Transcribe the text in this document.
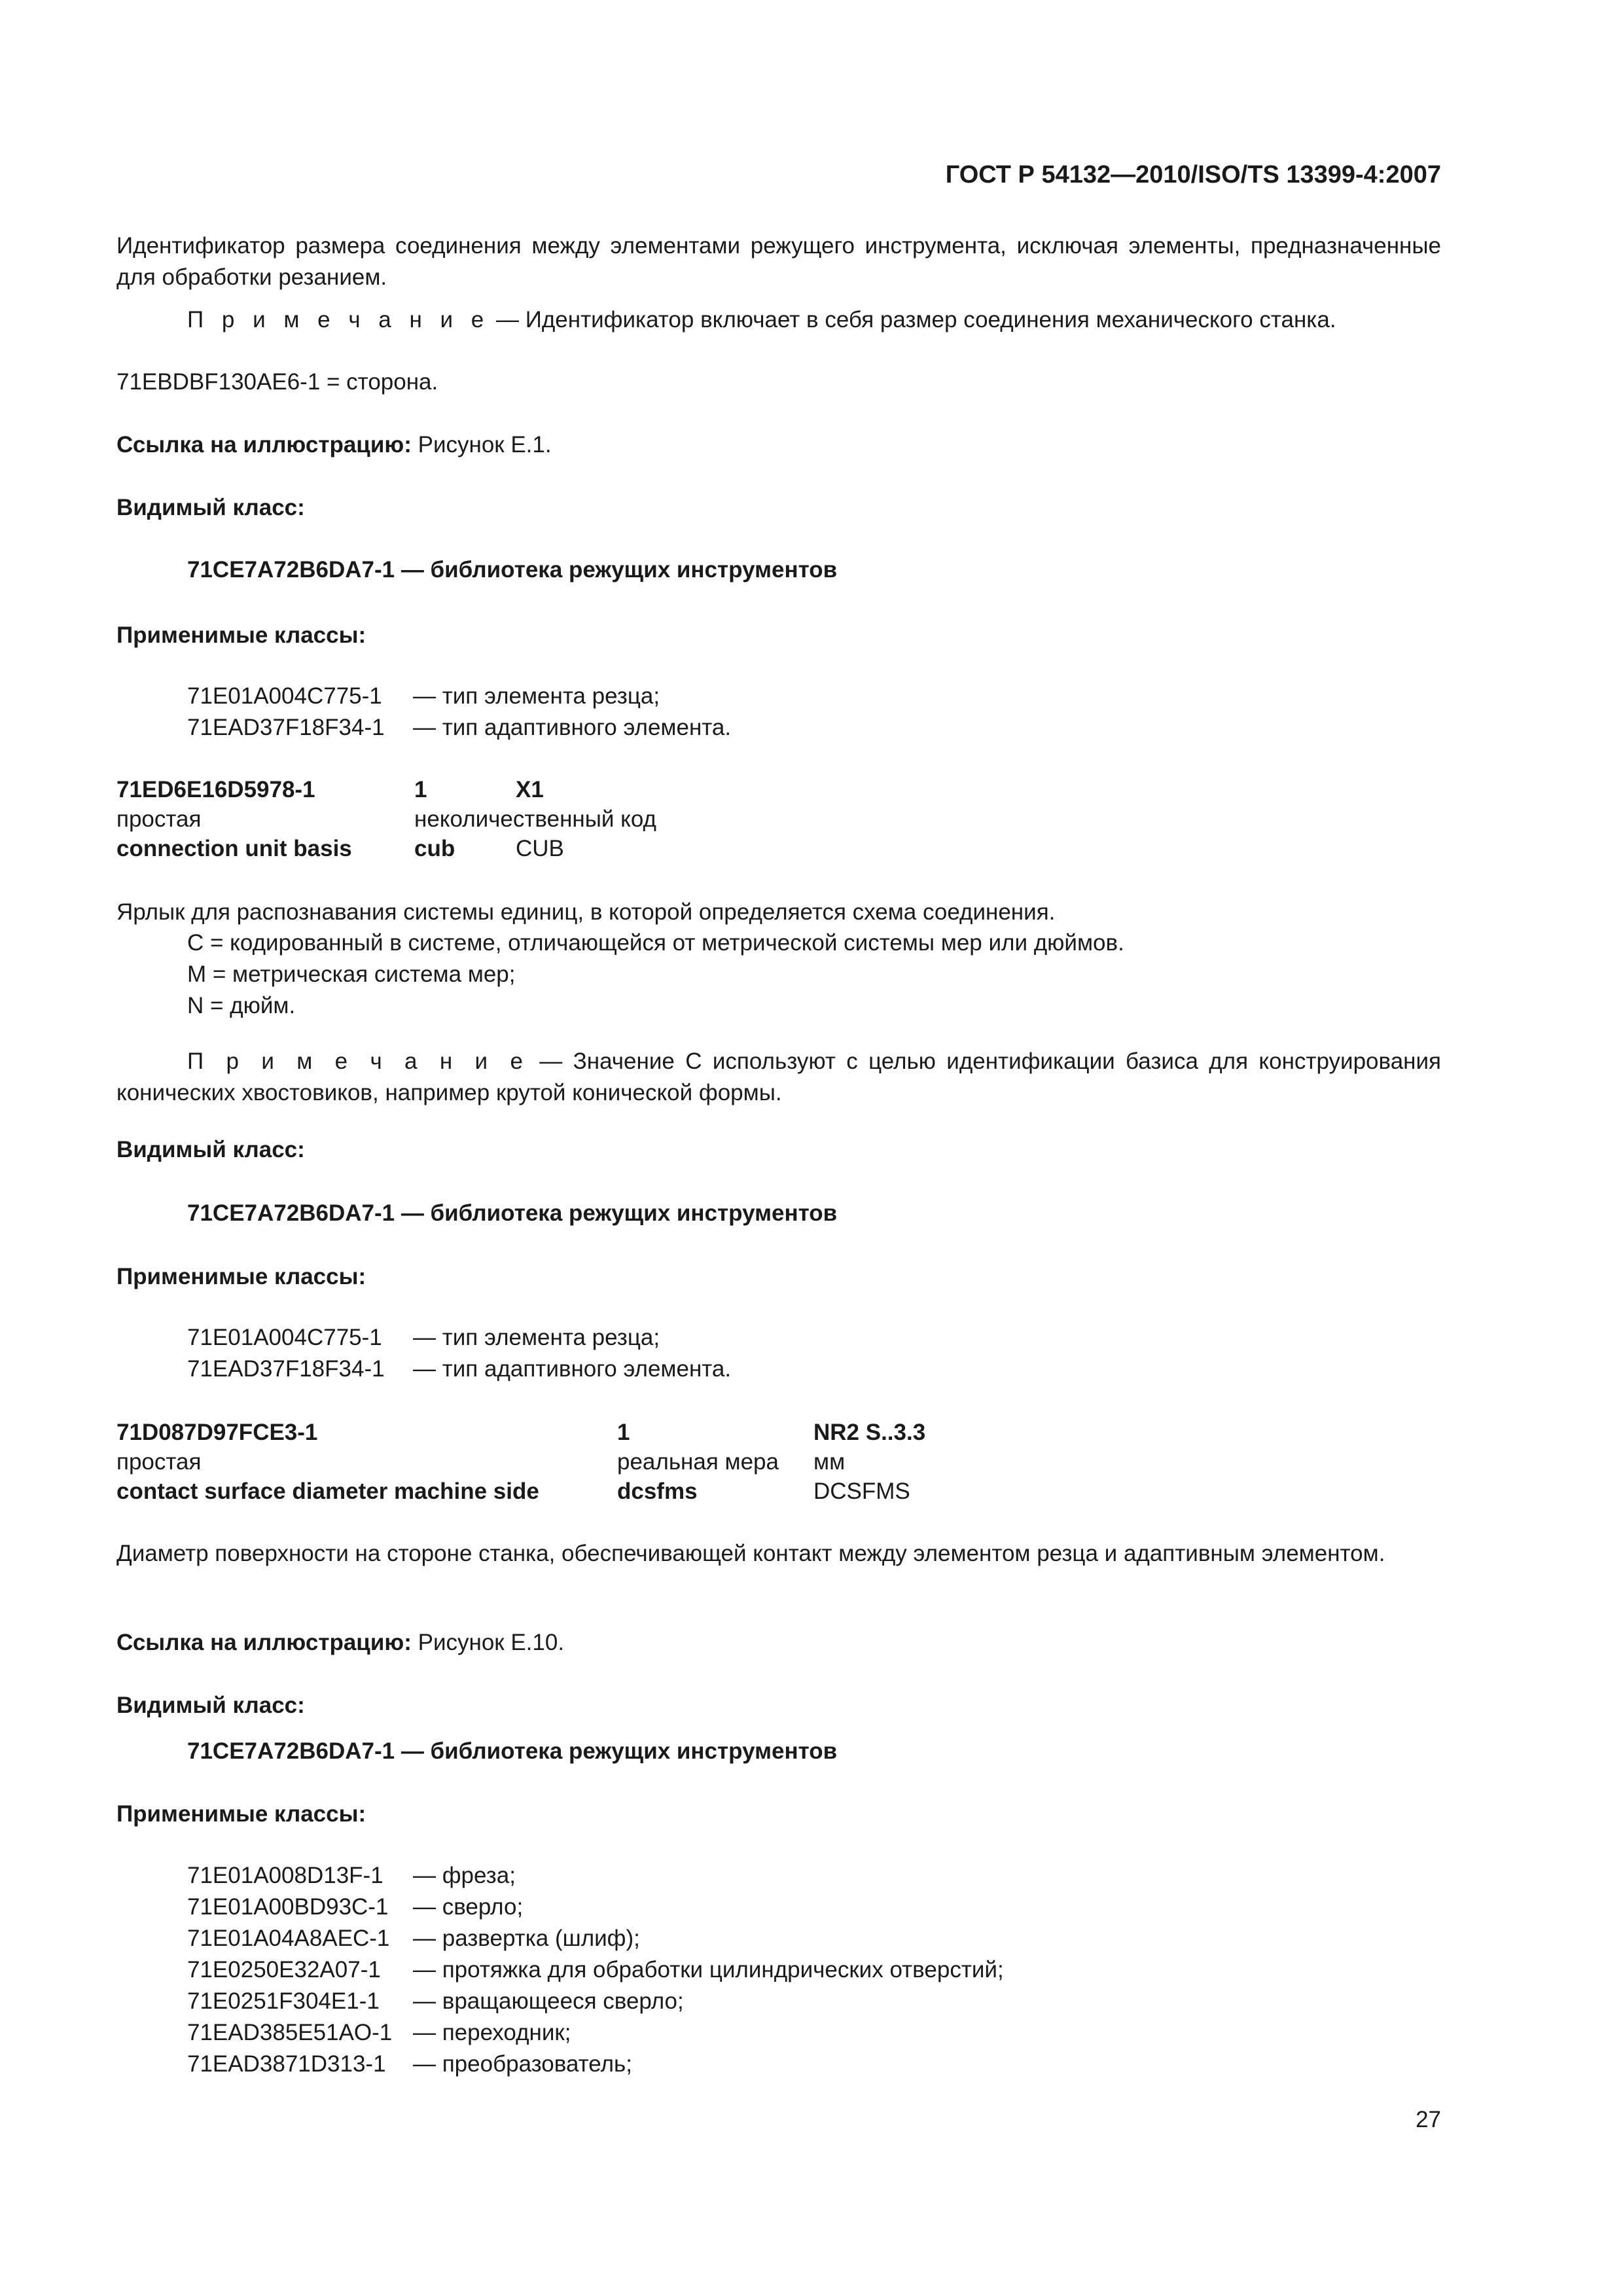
ГОСТ Р 54132—2010/ISO/TS 13399-4:2007

Идентификатор размера соединения между элементами режущего инструмента, исключая элементы, предназначенные для обработки резанием.

П р и м е ч а н и е — Идентификатор включает в себя размер соединения механического станка.

71EBDBF130AE6-1 = сторона.

Ссылка на иллюстрацию: Рисунок Е.1.

Видимый класс:

71CE7A72B6DA7-1 — библиотека режущих инструментов

Применимые классы:

71E01A004C775-1 — тип элемента резца;
71EAD37F18F34-1 — тип адаптивного элемента.
71ED6E16D5978-1	1	X1
простая	неколичественный код	
connection unit basis	cub	CUB

Ярлык для распознавания системы единиц, в которой определяется схема соединения.

С = кодированный в системе, отличающейся от метрической системы мер или дюймов.
М = метрическая система мер;
N = дюйм.

П р и м е ч а н и е — Значение С используют с целью идентификации базиса для конструирования конических хвостовиков, например крутой конической формы.

Видимый класс:

71CE7A72B6DA7-1 — библиотека режущих инструментов

Применимые классы:

71E01A004C775-1 — тип элемента резца;
71EAD37F18F34-1 — тип адаптивного элемента.
71D087D97FCE3-1	1	NR2 S..3.3
простая	реальная мера	мм
contact surface diameter machine side	dcsfms	DCSFMS

Диаметр поверхности на стороне станка, обеспечивающей контакт между элементом резца и адаптивным элементом.

Ссылка на иллюстрацию: Рисунок Е.10.

Видимый класс:

71CE7A72B6DA7-1 — библиотека режущих инструментов

Применимые классы:

71E01A008D13F-1 — фреза;
71E01A00BD93C-1 — сверло;
71E01A04A8AEC-1 — развертка (шлиф);
71E0250E32A07-1 — протяжка для обработки цилиндрических отверстий;
71E0251F304E1-1 — вращающееся сверло;
71EAD385E51AO-1 — переходник;
71EAD3871D313-1 — преобразователь;
27
